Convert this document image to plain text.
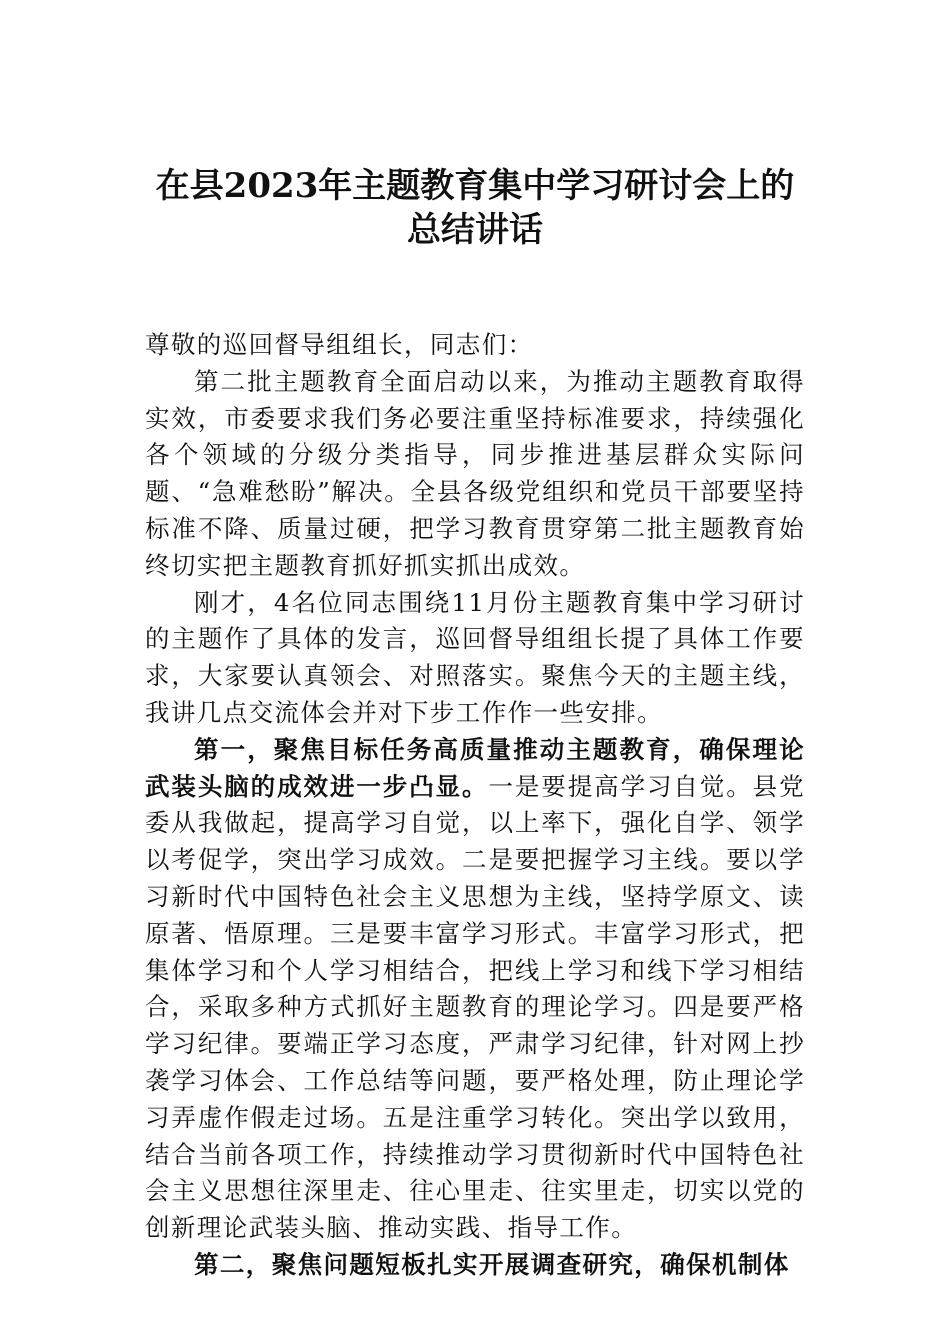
在县2023年主题教育集中学习研讨会上的
总结讲话

尊敬的巡回督导组组长，同志们：

第二批主题教育全面启动以来，为推动主题教育取得实效，市委要求我们务必要注重坚持标准要求，持续强化各个领域的分级分类指导，同步推进基层群众实际问题、“急难愁盼”解决。全县各级党组织和党员干部要坚持标准不降、质量过硬，把学习教育贯穿第二批主题教育始终切实把主题教育抓好抓实抓出成效。

刚才，4名位同志围绕11月份主题教育集中学习研讨的主题作了具体的发言，巡回督导组组长提了具体工作要求，大家要认真领会、对照落实。聚焦今天的主题主线，我讲几点交流体会并对下步工作作一些安排。

第一，聚焦目标任务高质量推动主题教育，确保理论武装头脑的成效进一步凸显。一是要提高学习自觉。县党委从我做起，提高学习自觉，以上率下，强化自学、领学以考促学，突出学习成效。二是要把握学习主线。要以学习新时代中国特色社会主义思想为主线，坚持学原文、读原著、悟原理。三是要丰富学习形式。丰富学习形式，把集体学习和个人学习相结合，把线上学习和线下学习相结合，采取多种方式抓好主题教育的理论学习。四是要严格学习纪律。要端正学习态度，严肃学习纪律，针对网上抄袭学习体会、工作总结等问题，要严格处理，防止理论学习弄虚作假走过场。五是注重学习转化。突出学以致用，结合当前各项工作，持续推动学习贯彻新时代中国特色社会主义思想往深里走、往心里走、往实里走，切实以党的创新理论武装头脑、推动实践、指导工作。

第二，聚焦问题短板扎实开展调查研究，确保机制体
